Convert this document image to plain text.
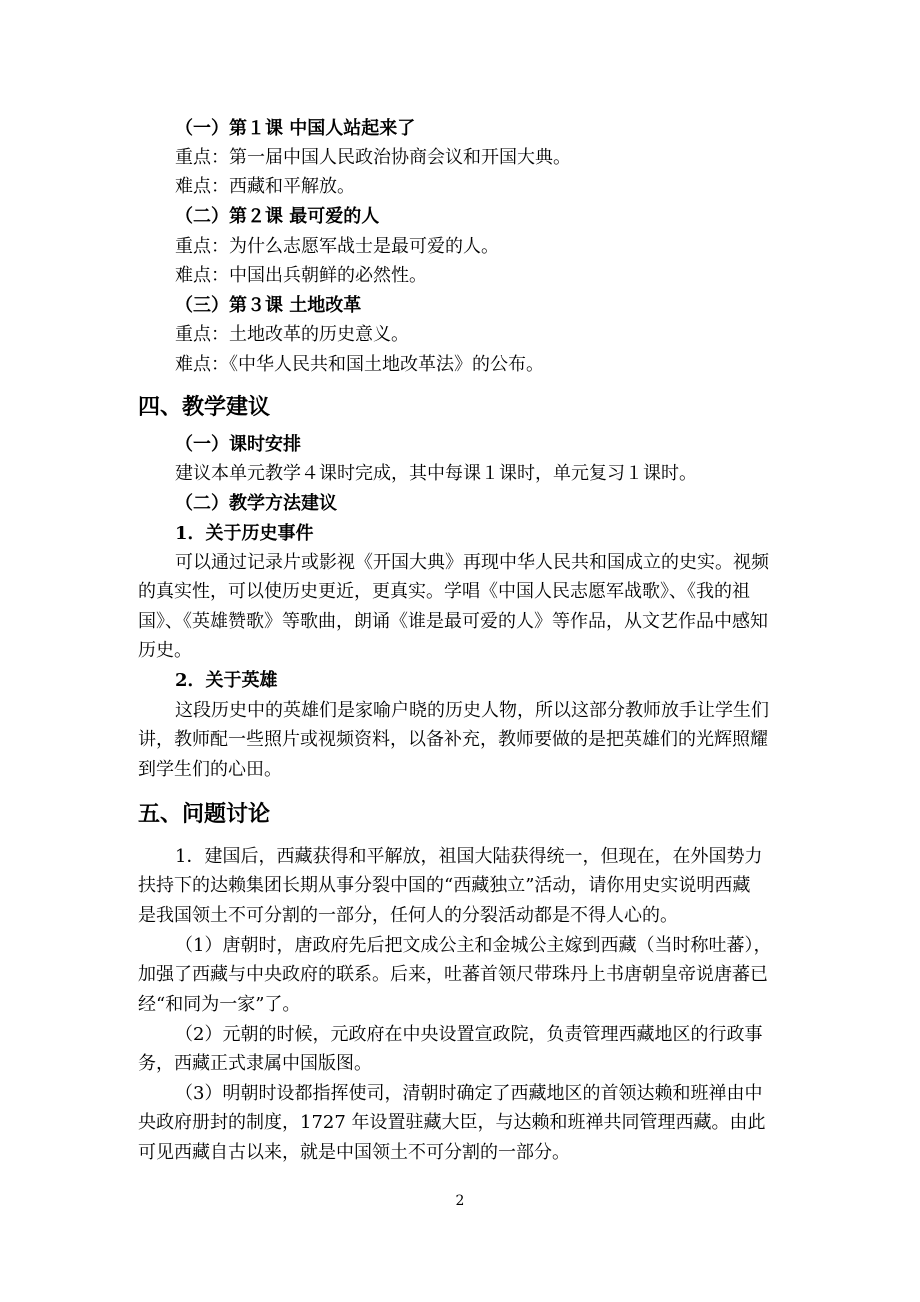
（一）第１课 中国人站起来了

重点：第一届中国人民政治协商会议和开国大典。

难点：西藏和平解放。

（二）第２课 最可爱的人

重点：为什么志愿军战士是最可爱的人。

难点：中国出兵朝鲜的必然性。

（三）第３课 土地改革

重点：土地改革的历史意义。

难点：《中华人民共和国土地改革法》的公布。

四、教学建议

（一）课时安排

建议本单元教学４课时完成，其中每课１课时，单元复习１课时。

（二）教学方法建议

1．关于历史事件

可以通过记录片或影视《开国大典》再现中华人民共和国成立的史实。视频

的真实性，可以使历史更近，更真实。学唱《中国人民志愿军战歌》、《我的祖

国》、《英雄赞歌》等歌曲，朗诵《谁是最可爱的人》等作品，从文艺作品中感知

历史。

2．关于英雄

这段历史中的英雄们是家喻户晓的历史人物，所以这部分教师放手让学生们

讲，教师配一些照片或视频资料，以备补充，教师要做的是把英雄们的光辉照耀

到学生们的心田。

五、问题讨论

1．建国后，西藏获得和平解放，祖国大陆获得统一，但现在，在外国势力

扶持下的达赖集团长期从事分裂中国的“西藏独立”活动，请你用史实说明西藏

是我国领土不可分割的一部分，任何人的分裂活动都是不得人心的。

（1）唐朝时，唐政府先后把文成公主和金城公主嫁到西藏（当时称吐蕃），

加强了西藏与中央政府的联系。后来，吐蕃首领尺带珠丹上书唐朝皇帝说唐蕃已

经“和同为一家”了。

（2）元朝的时候，元政府在中央设置宣政院，负责管理西藏地区的行政事

务，西藏正式隶属中国版图。

（3）明朝时设都指挥使司，清朝时确定了西藏地区的首领达赖和班禅由中

央政府册封的制度，1727 年设置驻藏大臣，与达赖和班禅共同管理西藏。由此

可见西藏自古以来，就是中国领土不可分割的一部分。

2
